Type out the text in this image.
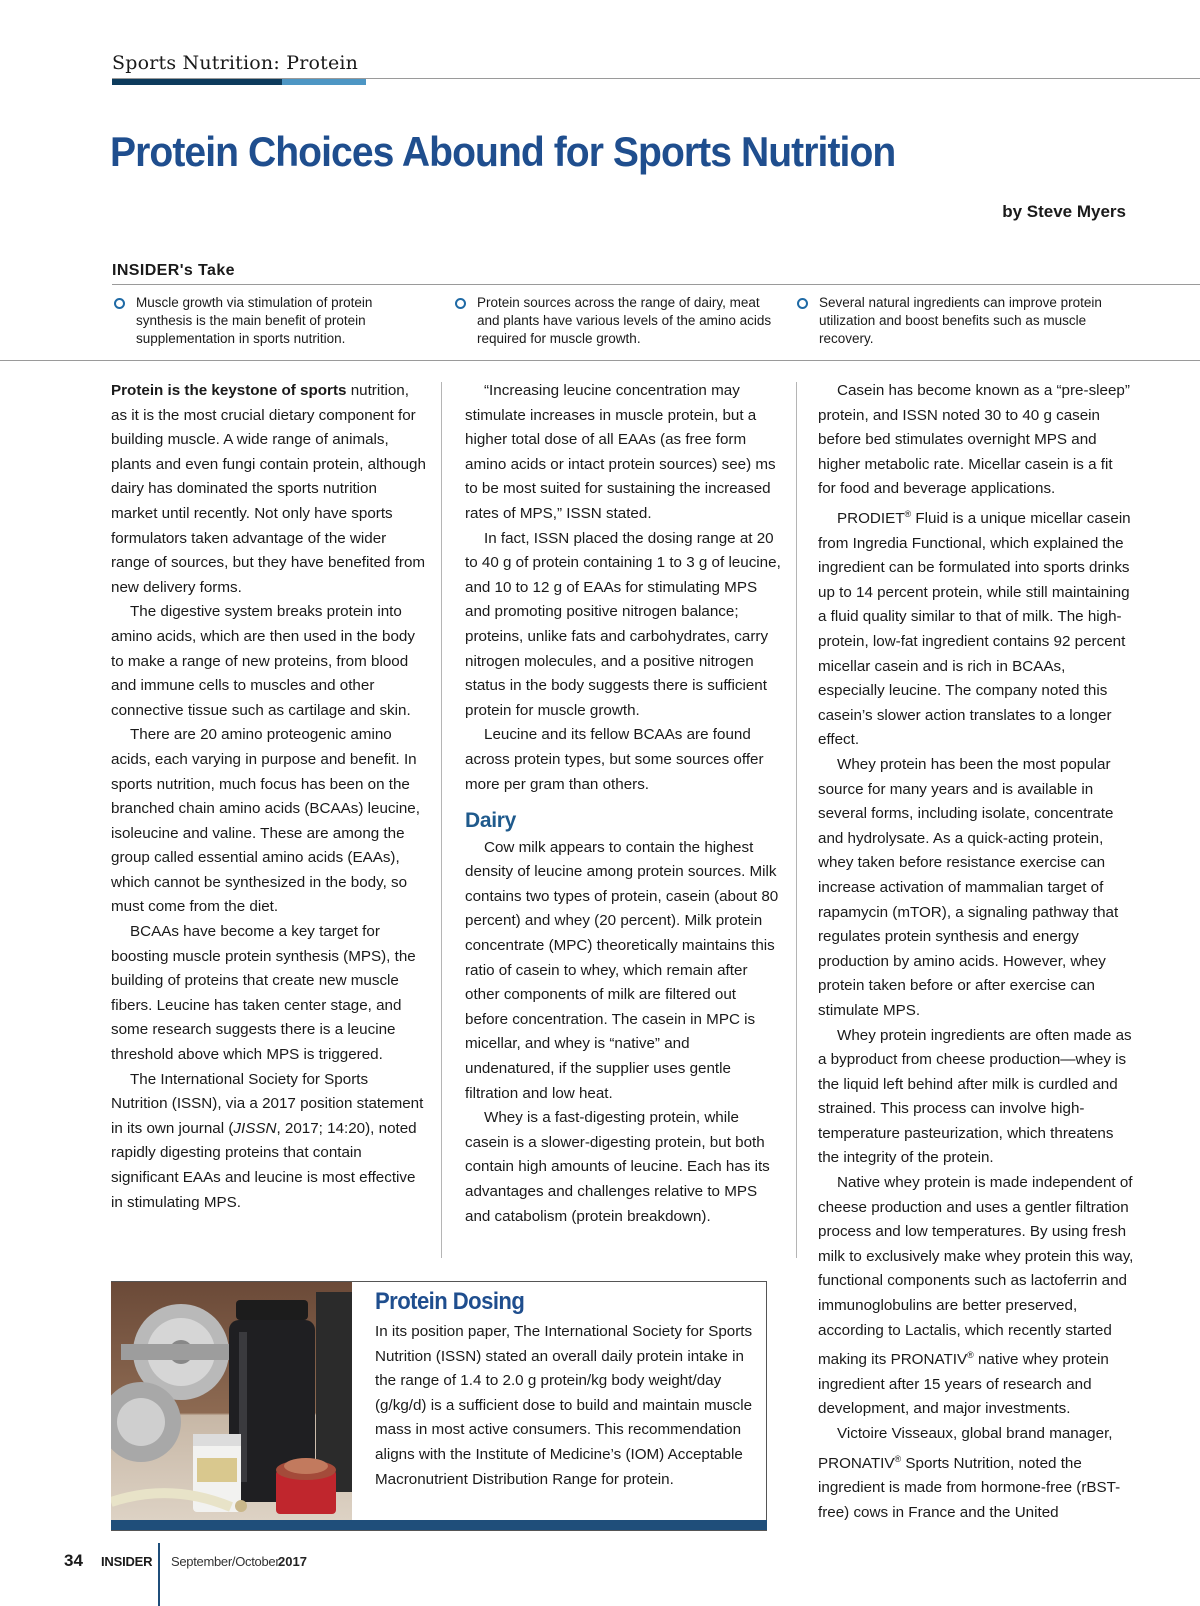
Sports Nutrition: Protein
Protein Choices Abound for Sports Nutrition
by Steve Myers
INSIDER's Take
Muscle growth via stimulation of protein synthesis is the main benefit of protein supplementation in sports nutrition.
Protein sources across the range of dairy, meat and plants have various levels of the amino acids required for muscle growth.
Several natural ingredients can improve protein utilization and boost benefits such as muscle recovery.

Protein is the keystone of sports nutrition, as it is the most crucial dietary component for building muscle. A wide range of animals, plants and even fungi contain protein, although dairy has dominated the sports nutrition market until recently. Not only have sports formulators taken advantage of the wider range of sources, but they have benefited from new delivery forms.

The digestive system breaks protein into amino acids, which are then used in the body to make a range of new proteins, from blood and immune cells to muscles and other connective tissue such as cartilage and skin.

There are 20 amino proteogenic amino acids, each varying in purpose and benefit. In sports nutrition, much focus has been on the branched chain amino acids (BCAAs) leucine, isoleucine and valine. These are among the group called essential amino acids (EAAs), which cannot be synthesized in the body, so must come from the diet.

BCAAs have become a key target for boosting muscle protein synthesis (MPS), the building of proteins that create new muscle fibers. Leucine has taken center stage, and some research suggests there is a leucine threshold above which MPS is triggered.

The International Society for Sports Nutrition (ISSN), via a 2017 position statement in its own journal (JISSN, 2017; 14:20), noted rapidly digesting proteins that contain significant EAAs and leucine is most effective in stimulating MPS.

“Increasing leucine concentration may stimulate increases in muscle protein, but a higher total dose of all EAAs (as free form amino acids or intact protein sources) see) ms to be most suited for sustaining the increased rates of MPS,” ISSN stated.

In fact, ISSN placed the dosing range at 20 to 40 g of protein containing 1 to 3 g of leucine, and 10 to 12 g of EAAs for stimulating MPS and promoting positive nitrogen balance; proteins, unlike fats and carbohydrates, carry nitrogen molecules, and a positive nitrogen status in the body suggests there is sufficient protein for muscle growth.

Leucine and its fellow BCAAs are found across protein types, but some sources offer more per gram than others.

Dairy

Cow milk appears to contain the highest density of leucine among protein sources. Milk contains two types of protein, casein (about 80 percent) and whey (20 percent). Milk protein concentrate (MPC) theoretically maintains this ratio of casein to whey, which remain after other components of milk are filtered out before concentration. The casein in MPC is micellar, and whey is “native” and undenatured, if the supplier uses gentle filtration and low heat.

Whey is a fast-digesting protein, while casein is a slower-digesting protein, but both contain high amounts of leucine. Each has its advantages and challenges relative to MPS and catabolism (protein breakdown).

Casein has become known as a “pre-sleep” protein, and ISSN noted 30 to 40 g casein before bed stimulates overnight MPS and higher metabolic rate. Micellar casein is a fit for food and beverage applications.

PRODIET® Fluid is a unique micellar casein from Ingredia Functional, which explained the ingredient can be formulated into sports drinks up to 14 percent protein, while still maintaining a fluid quality similar to that of milk. The high-protein, low-fat ingredient contains 92 percent micellar casein and is rich in BCAAs, especially leucine. The company noted this casein’s slower action translates to a longer effect.

Whey protein has been the most popular source for many years and is available in several forms, including isolate, concentrate and hydrolysate. As a quick-acting protein, whey taken before resistance exercise can increase activation of mammalian target of rapamycin (mTOR), a signaling pathway that regulates protein synthesis and energy production by amino acids. However, whey protein taken before or after exercise can stimulate MPS.

Whey protein ingredients are often made as a byproduct from cheese production—whey is the liquid left behind after milk is curdled and strained. This process can involve high-temperature pasteurization, which threatens the integrity of the protein.

Native whey protein is made independent of cheese production and uses a gentler filtration process and low temperatures. By using fresh milk to exclusively make whey protein this way, functional components such as lactoferrin and immunoglobulins are better preserved, according to Lactalis, which recently started making its PRONATIV® native whey protein ingredient after 15 years of research and development, and major investments.

Victoire Visseaux, global brand manager, PRONATIV® Sports Nutrition, noted the ingredient is made from hormone-free (rBST-free) cows in France and the United

Protein Dosing
In its position paper, The International Society for Sports Nutrition (ISSN) stated an overall daily protein intake in the range of 1.4 to 2.0 g protein/kg body weight/day (g/kg/d) is a sufficient dose to build and maintain muscle mass in most active consumers. This recommendation aligns with the Institute of Medicine’s (IOM) Acceptable Macronutrient Distribution Range for protein.
34 INSIDER September/October
2017
